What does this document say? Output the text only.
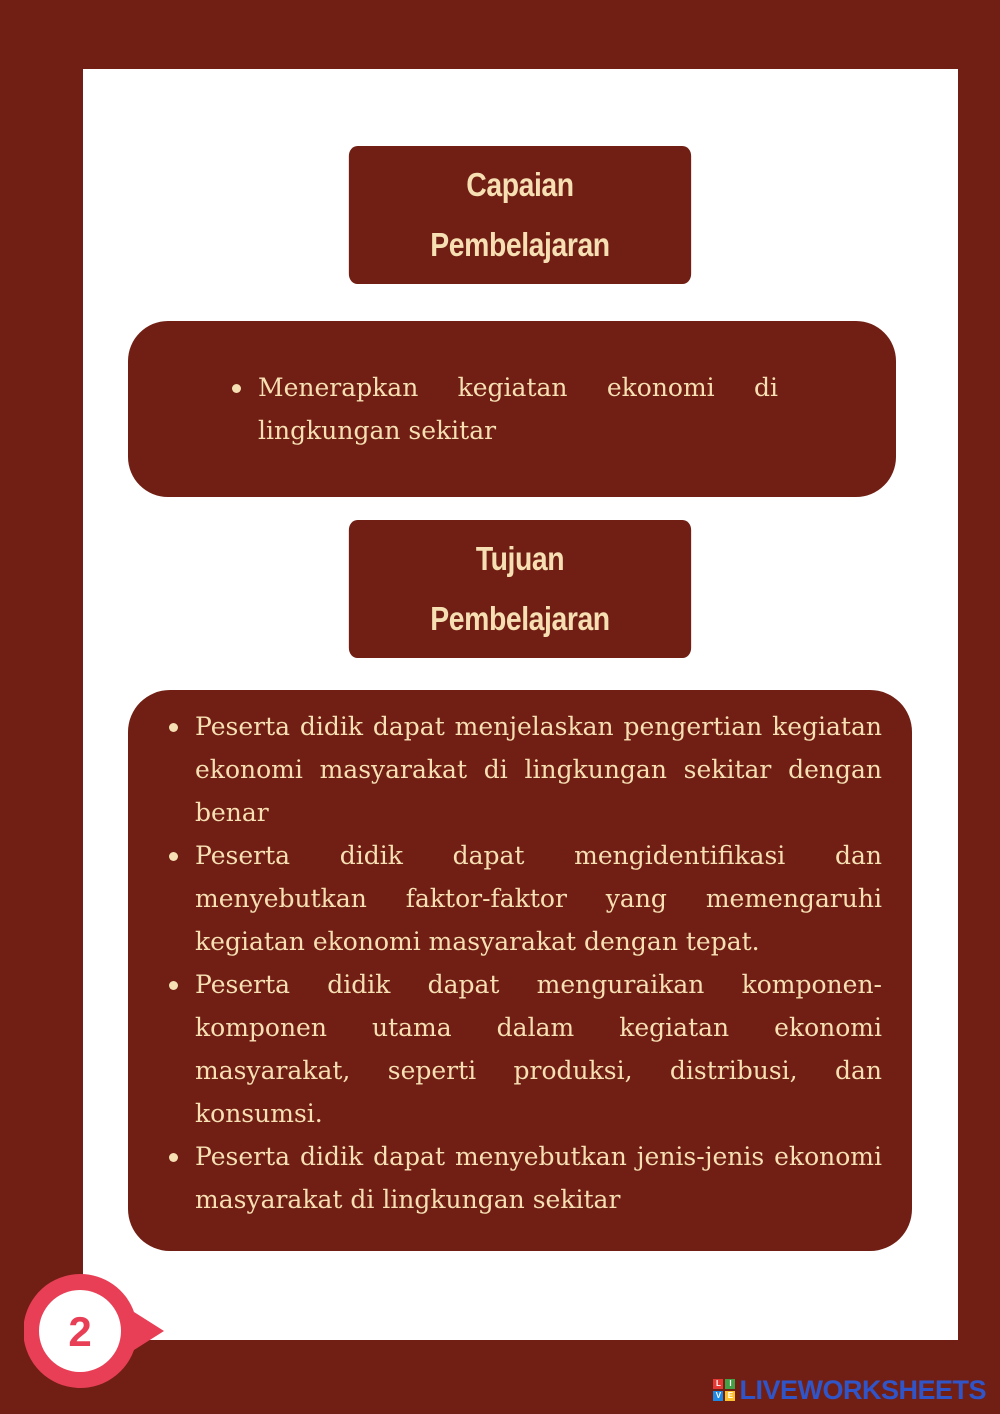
Capaian
Pembelajaran
Menerapkan kegiatan ekonomi di lingkungan sekitar
Tujuan
Pembelajaran
Peserta didik dapat menjelaskan pengertian kegiatan ekonomi masyarakat di lingkungan sekitar dengan benar
Peserta didik dapat mengidentifikasi dan menyebutkan faktor-faktor yang memengaruhi kegiatan ekonomi masyarakat dengan tepat.
Peserta didik dapat menguraikan komponen-komponen utama dalam kegiatan ekonomi masyarakat, seperti produksi, distribusi, dan konsumsi.
Peserta didik dapat menyebutkan jenis-jenis ekonomi masyarakat di lingkungan sekitar
2
L	I
V E LIVEWORKSHEETS
